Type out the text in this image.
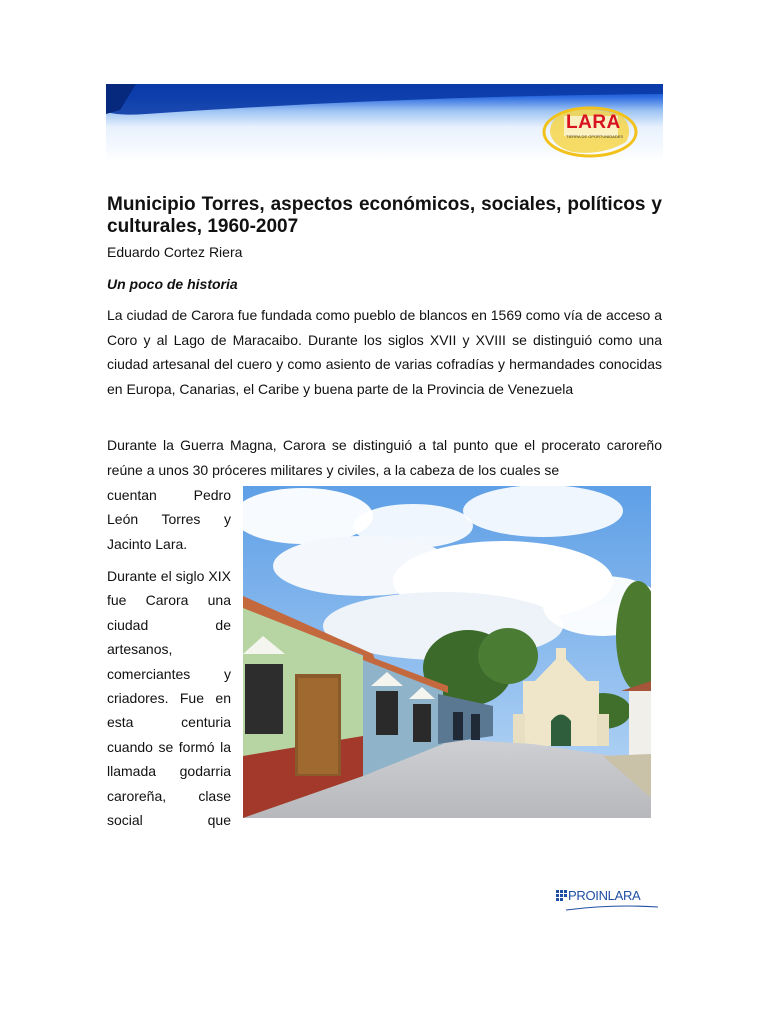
LARA
TIERRA DE OPORTUNIDADES
Municipio Torres, aspectos económicos, sociales, políticos y culturales, 1960-2007

Eduardo Cortez Riera

Un poco de historia

La ciudad de Carora fue fundada como pueblo de blancos en 1569 como vía de acceso a Coro y al Lago de Maracaibo. Durante los siglos XVII y XVIII se distinguió como una ciudad artesanal del cuero y como asiento de varias cofradías y hermandades conocidas en Europa, Canarias, el Caribe y buena parte de la Provincia de Venezuela

Durante la Guerra Magna, Carora se distinguió a tal punto que el procerato caroreño reúne a unos 30 próceres militares y civiles, a la cabeza de los cuales se

cuentan Pedro León Torres y

Jacinto Lara.

Durante el siglo XIX fue Carora una ciudad de artesanos, comerciantes y criadores. Fue en esta centuria cuando se formó la llamada godarria caroreña, clase social que

PROINLARA
